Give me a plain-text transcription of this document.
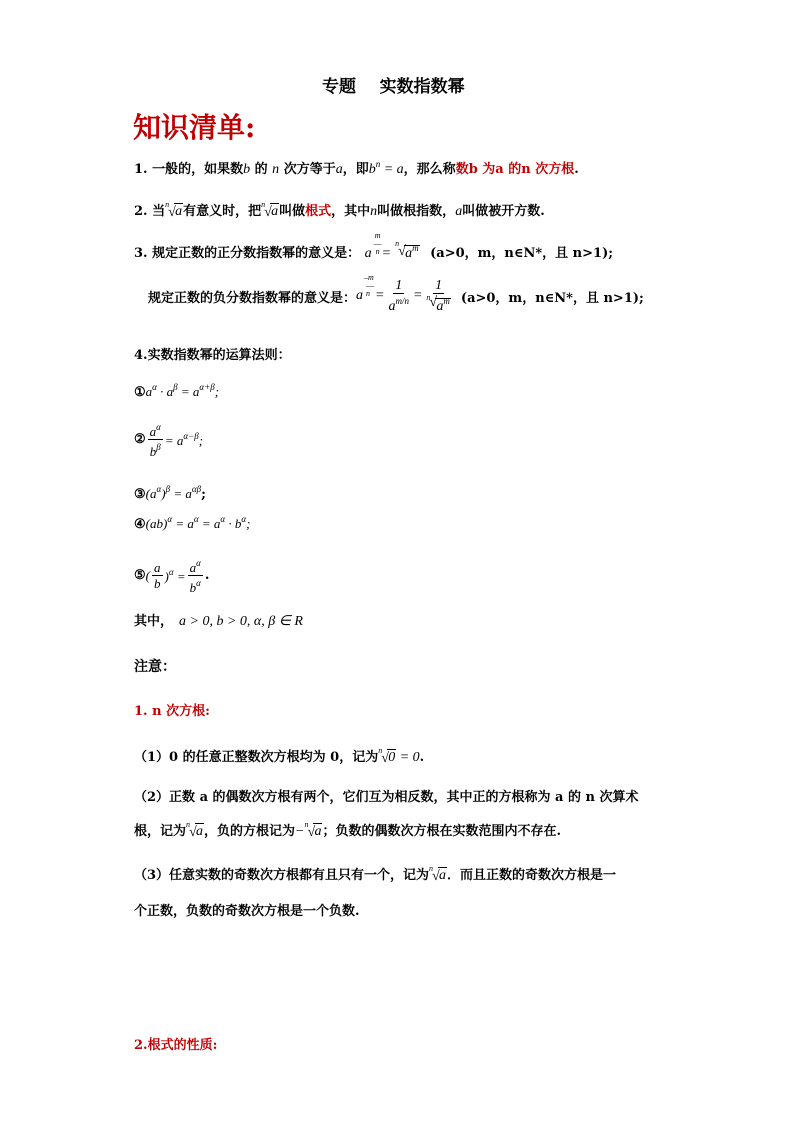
专题    实数指数幂
知识清单:
1. 一般的，如果数b 的 n 次方等于a，即$b^n = a$，那么称数b 为a 的n 次方根.
2. 当 n
√ a有意义时，把 n
√ a叫做根式，其中n叫做根指数，a叫做被开方数.
3. 规定正数的正分数指数幂的意义是： a
m
―
n =
n
√ $a^m$ (a>0，m，n∈N*，且 n>1);
规定正数的负分数指数幂的意义是： a
–m
―
$n = \frac{1}{a^{m/n}} = \frac{1}{n √ a^m} (a>0$，m，n∈N*，且 n>1);
4.实数指数幂的运算法则：
$①a^\alpha \cdot a^\beta = a^{\alpha+\beta}$;
② $\frac{a^\alpha}{b^\beta} = a^{\alpha-\beta}$;
$③(a^\alpha)^\beta = a^{\alpha\beta}$;
④(ab)$^\alpha$ = $a^\alpha = a^\alpha \cdot b^\alpha$;
⑤ ( $\frac{a}{b} )^\alpha = \frac{a^\alpha}{b^\alpha}$ .
其中， a > 0, b > 0, α, β ∈ R
注意：
1. n 次方根:
（1）0 的任意正整数次方根均为 0，记为 n
√ 0 = 0.
（2）正数 a 的偶数次方根有两个，它们互为相反数，其中正的方根称为 a 的 n 次算术
根，记为 n
√ a，负的方根记为− n
√ a；负数的偶数次方根在实数范围内不存在.
（3）任意实数的奇数次方根都有且只有一个，记为 n
√ a．而且正数的奇数次方根是一
个正数，负数的奇数次方根是一个负数.
2.根式的性质:
